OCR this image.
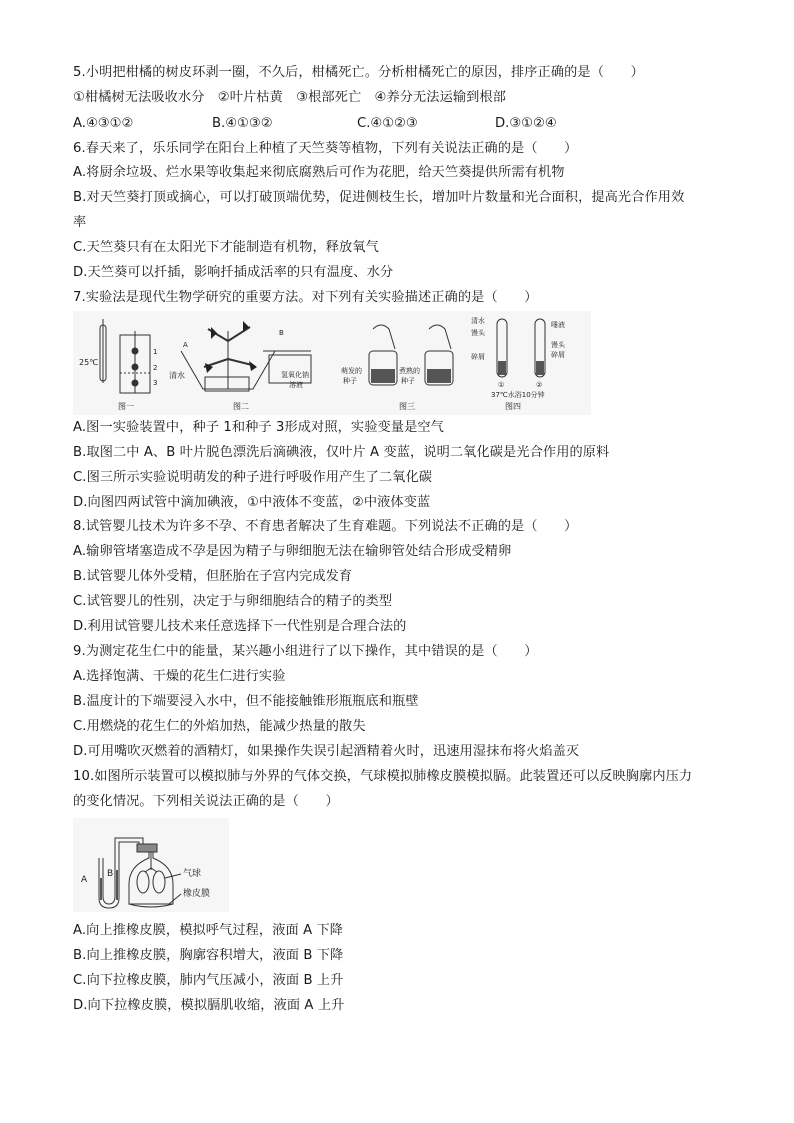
5.小明把柑橘的树皮环剥一圈，不久后，柑橘死亡。分析柑橘死亡的原因，排序正确的是（　　）
①柑橘树无法吸收水分　②叶片枯黄　③根部死亡　④养分无法运输到根部
A.④③①②	B.④①③②	C.④①②③	D.③①②④
6.春天来了，乐乐同学在阳台上种植了天竺葵等植物，下列有关说法正确的是（　　）
A.将厨余垃圾、烂水果等收集起来彻底腐熟后可作为花肥，给天竺葵提供所需有机物
B.对天竺葵打顶或摘心，可以打破顶端优势，促进侧枝生长，增加叶片数量和光合面积，提高光合作用效
率
C.天竺葵只有在太阳光下才能制造有机物，释放氧气
D.天竺葵可以扦插，影响扦插成活率的只有温度、水分
7.实验法是现代生物学研究的重要方法。对下列有关实验描述正确的是（　　）
25℃
1
2
3
图一
A
B
清水	氢氧化钠
溶液
图二
萌发的
种子
煮熟的
种子
图三
清水
馒头
碎屑
唾液
馒头
碎屑
①	②
37℃水浴10分钟
图四
A.图一实验装置中，种子 1和种子 3形成对照，实验变量是空气
B.取图二中 A、B 叶片脱色漂洗后滴碘液，仅叶片 A 变蓝，说明二氧化碳是光合作用的原料
C.图三所示实验说明萌发的种子进行呼吸作用产生了二氧化碳
D.向图四两试管中滴加碘液，①中液体不变蓝，②中液体变蓝
8.试管婴儿技术为许多不孕、不育患者解决了生育难题。下列说法不正确的是（　　）
A.输卵管堵塞造成不孕是因为精子与卵细胞无法在输卵管处结合形成受精卵
B.试管婴儿体外受精，但胚胎在子宫内完成发育
C.试管婴儿的性别，决定于与卵细胞结合的精子的类型
D.利用试管婴儿技术来任意选择下一代性别是合理合法的
9.为测定花生仁中的能量，某兴趣小组进行了以下操作，其中错误的是（　　）
A.选择饱满、干燥的花生仁进行实验
B.温度计的下端要浸入水中，但不能接触锥形瓶瓶底和瓶壁
C.用燃烧的花生仁的外焰加热，能减少热量的散失
D.可用嘴吹灭燃着的酒精灯，如果操作失误引起酒精着火时，迅速用湿抹布将火焰盖灭
10.如图所示装置可以模拟肺与外界的气体交换，气球模拟肺橡皮膜模拟膈。此装置还可以反映胸廓内压力
的变化情况。下列相关说法正确的是（　　）
A
B	气球
橡皮膜
A.向上推橡皮膜，模拟呼气过程，液面 A 下降
B.向上推橡皮膜，胸廓容积增大，液面 B 下降
C.向下拉橡皮膜，肺内气压减小，液面 B 上升
D.向下拉橡皮膜，模拟膈肌收缩，液面 A 上升
